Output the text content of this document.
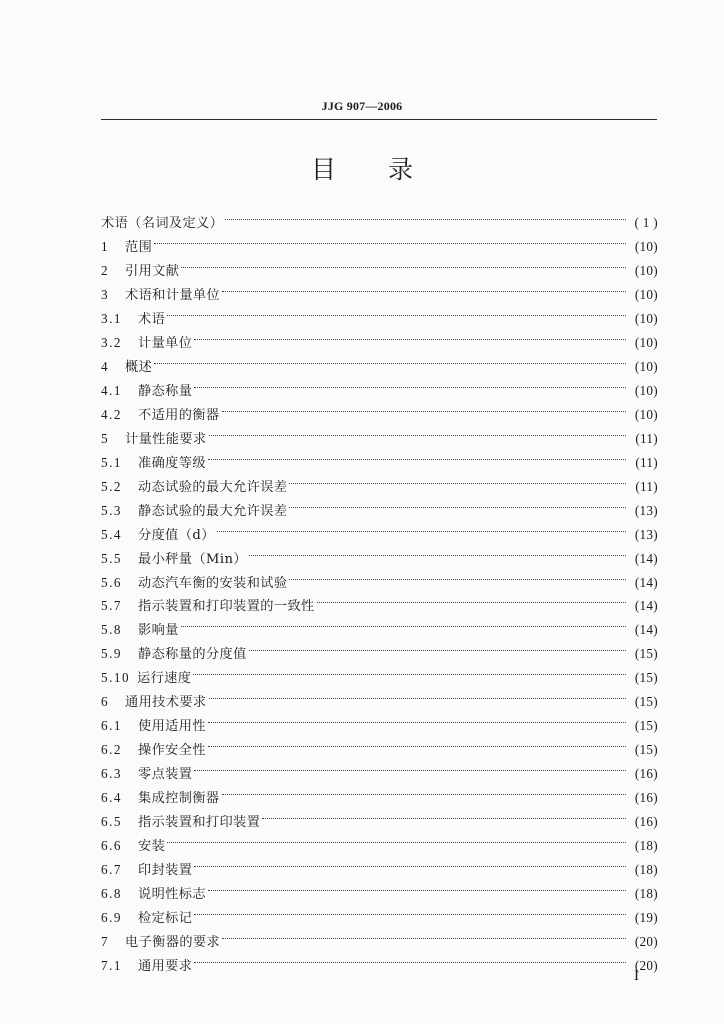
JJG 907—2006
目 录
术语（名词及定义）	( 1 )
1	范围	(10)
2	引用文献	(10)
3	术语和计量单位	(10)
3.1	术语	(10)
3.2	计量单位	(10)
4	概述	(10)
4.1	静态称量	(10)
4.2	不适用的衡器	(10)
5	计量性能要求	(11)
5.1	准确度等级	(11)
5.2	动态试验的最大允许误差	(11)
5.3	静态试验的最大允许误差	(13)
5.4	分度值（d）	(13)
5.5	最小秤量（Min）	(14)
5.6	动态汽车衡的安装和试验	(14)
5.7	指示装置和打印装置的一致性	(14)
5.8	影响量	(14)
5.9	静态称量的分度值	(15)
5.10 运行速度	(15)
6	通用技术要求	(15)
6.1	使用适用性	(15)
6.2	操作安全性	(15)
6.3	零点装置	(16)
6.4	集成控制衡器	(16)
6.5	指示装置和打印装置	(16)
6.6	安装	(18)
6.7	印封装置	(18)
6.8	说明性标志	(18)
6.9	检定标记	(19)
7	电子衡器的要求	(20)
7.1	通用要求	(20)
I
